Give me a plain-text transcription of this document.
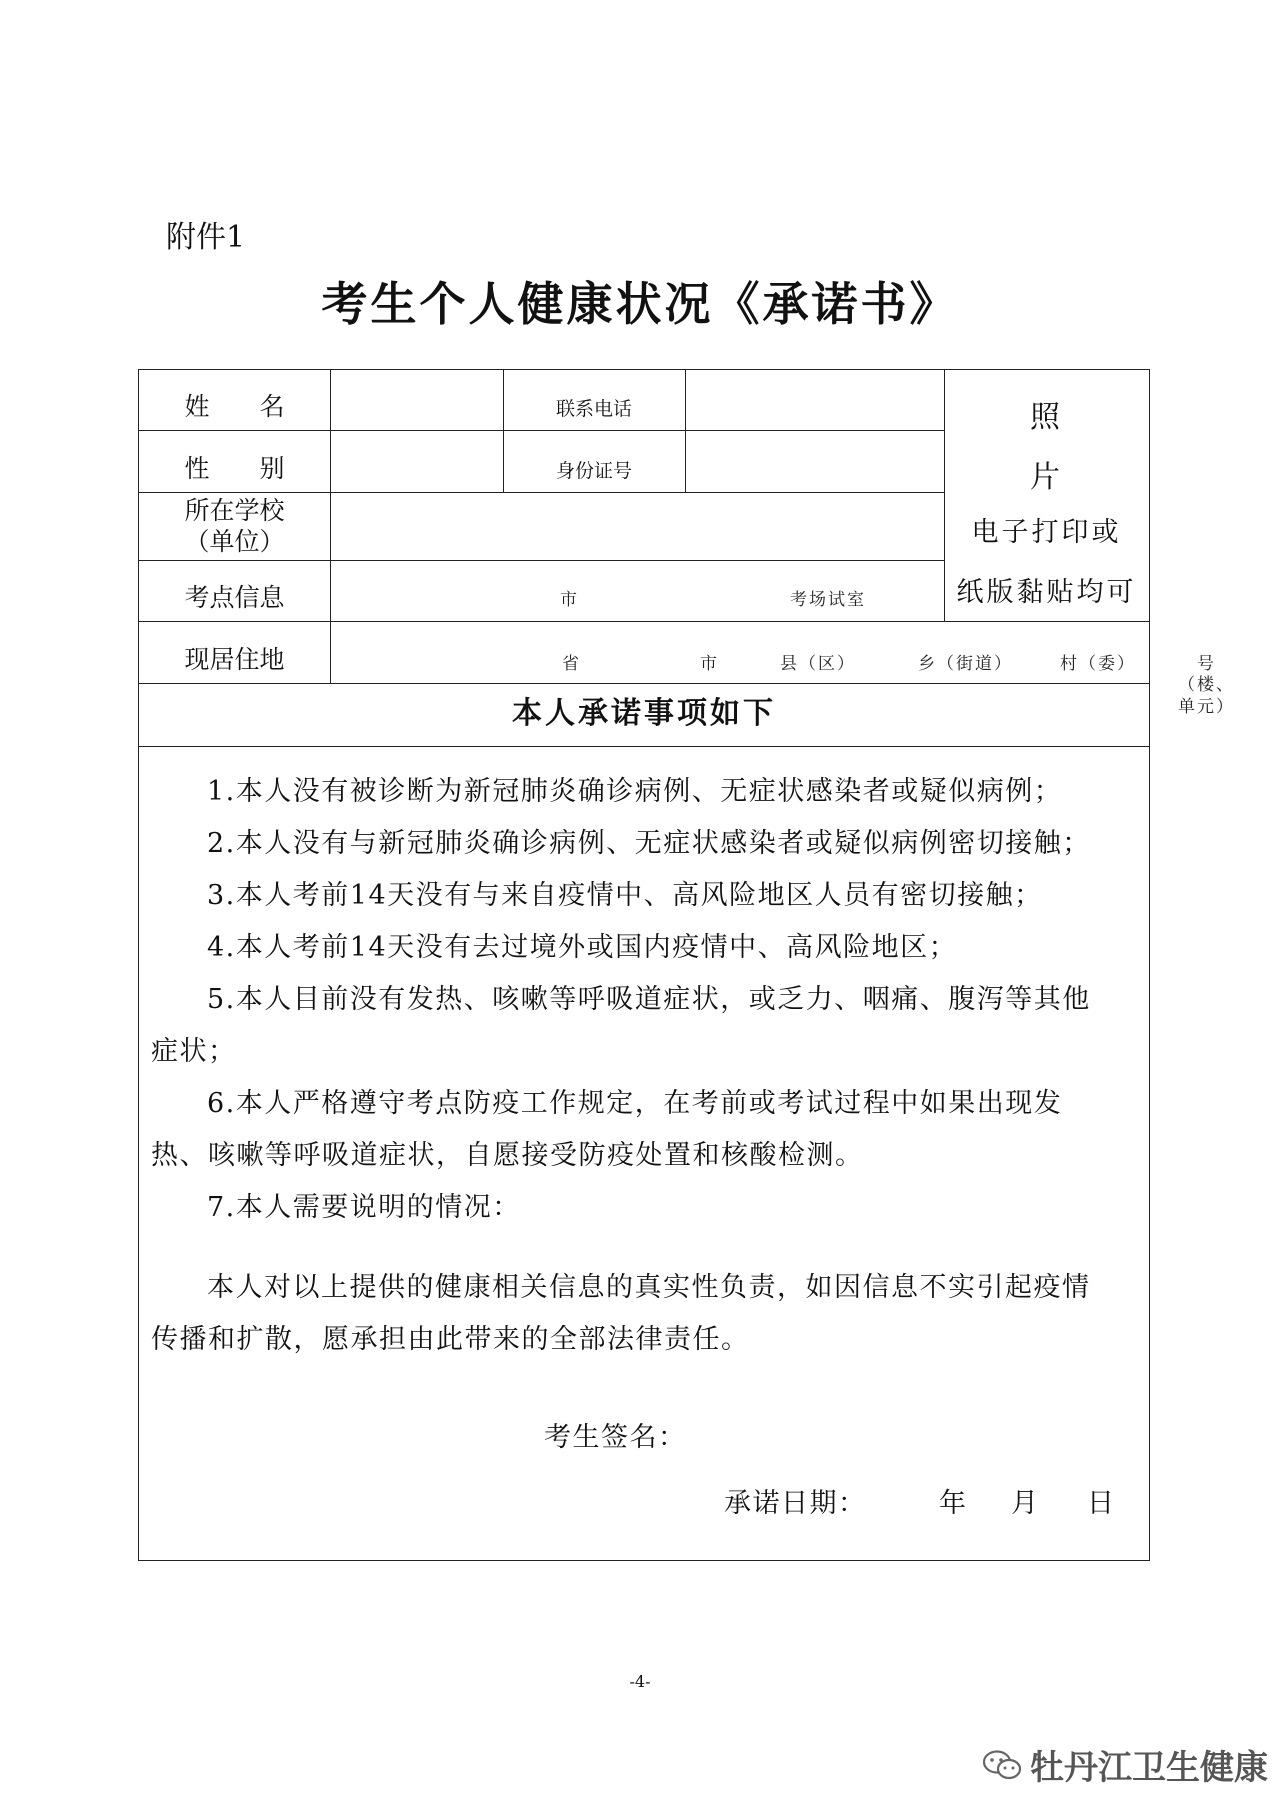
附件1
考生个人健康状况《承诺书》
姓　　名	联系电话
性　　别	身份证号
所在学校
（单位）
考点信息	市	考场试室
现居住地	省	市	县（区）	乡（街道）	村（委）	号（楼、单元）
照
片
电子打印或
纸版黏贴均可
本人承诺事项如下
1.本人没有被诊断为新冠肺炎确诊病例、无症状感染者或疑似病例；
2.本人没有与新冠肺炎确诊病例、无症状感染者或疑似病例密切接触；
3.本人考前14天没有与来自疫情中、高风险地区人员有密切接触；
4.本人考前14天没有去过境外或国内疫情中、高风险地区；
5.本人目前没有发热、咳嗽等呼吸道症状，或乏力、咽痛、腹泻等其他
症状；
6.本人严格遵守考点防疫工作规定，在考前或考试过程中如果出现发
热、咳嗽等呼吸道症状，自愿接受防疫处置和核酸检测。
7.本人需要说明的情况：
本人对以上提供的健康相关信息的真实性负责，如因信息不实引起疫情
传播和扩散，愿承担由此带来的全部法律责任。
考生签名：
承诺日期：	年 月 日
-4-
牡丹江卫生健康
